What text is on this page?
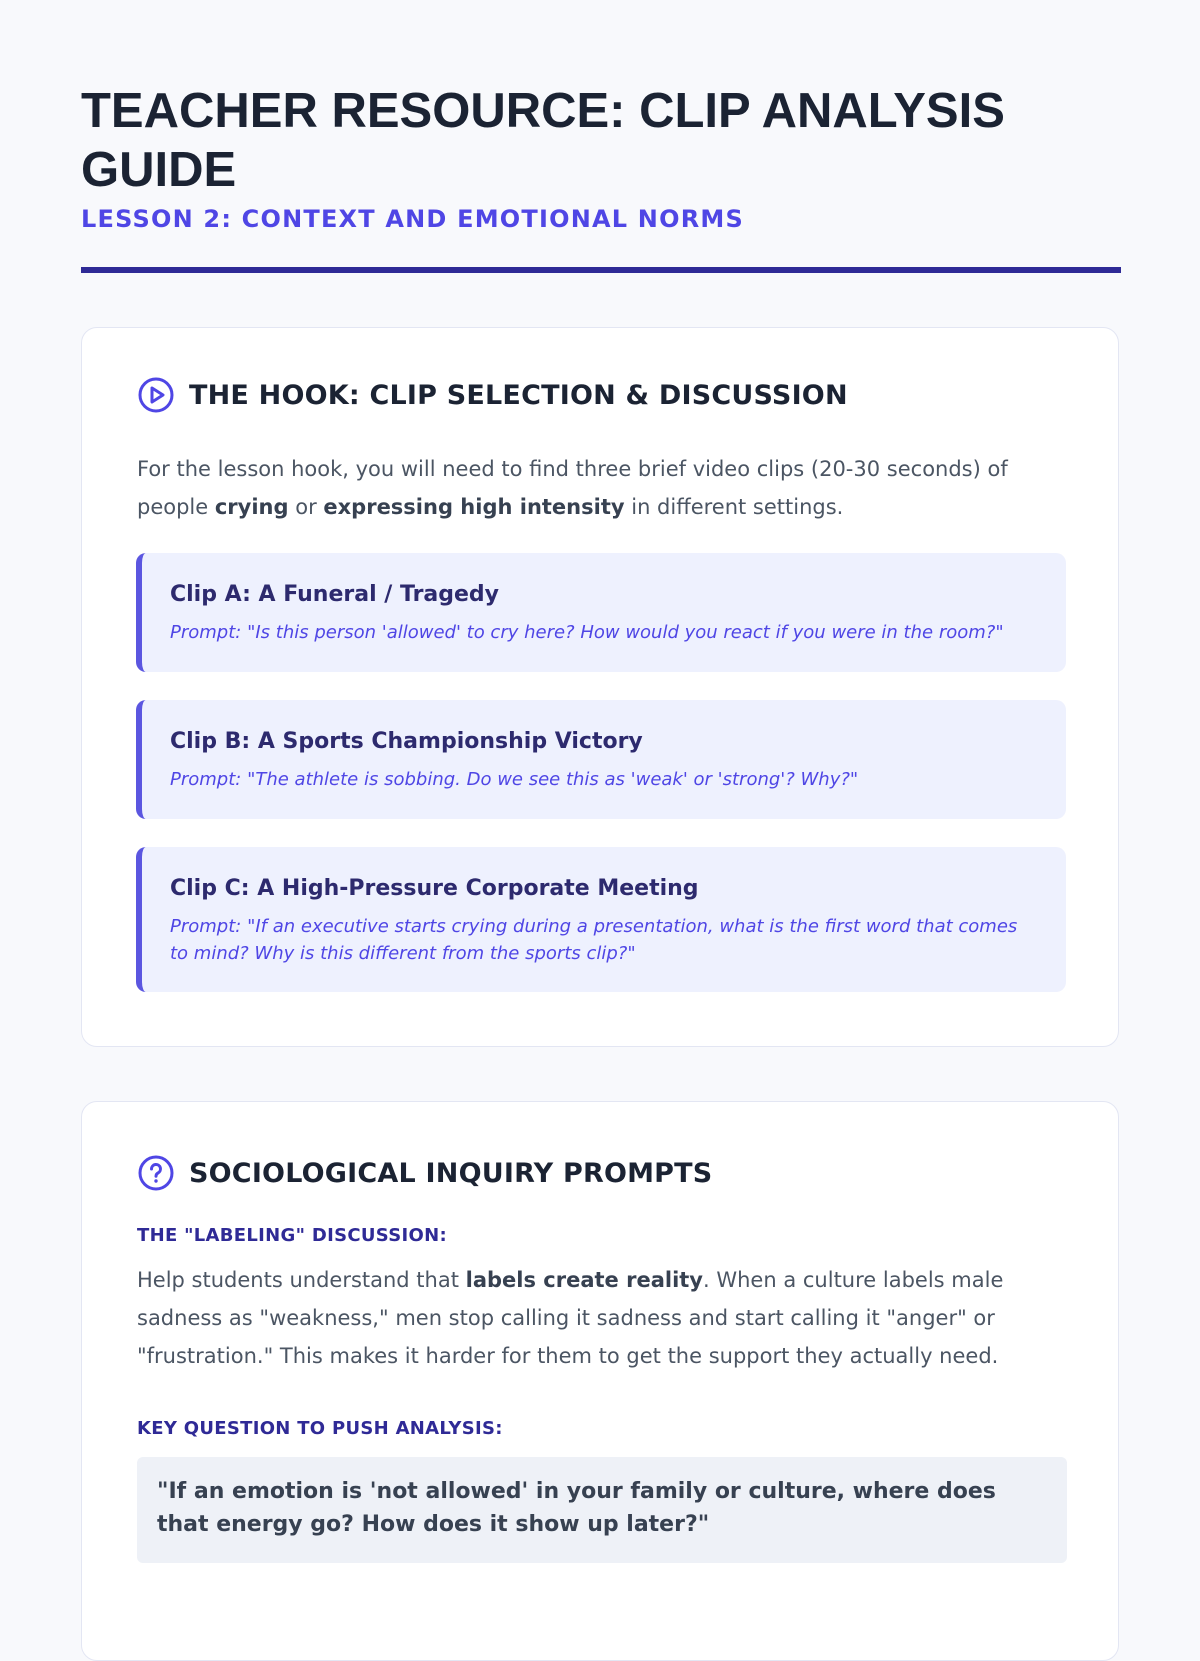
TEACHER RESOURCE: CLIP ANALYSIS GUIDE
LESSON 2: CONTEXT AND EMOTIONAL NORMS
THE HOOK: CLIP SELECTION & DISCUSSION
For the lesson hook, you will need to find three brief video clips (20-30 seconds) of people crying or expressing high intensity in different settings.
Clip A: A Funeral / Tragedy
Prompt: "Is this person 'allowed' to cry here? How would you react if you were in the room?"
Clip B: A Sports Championship Victory
Prompt: "The athlete is sobbing. Do we see this as 'weak' or 'strong'? Why?"
Clip C: A High-Pressure Corporate Meeting
Prompt: "If an executive starts crying during a presentation, what is the first word that comes to mind? Why is this different from the sports clip?"
SOCIOLOGICAL INQUIRY PROMPTS
THE "LABELING" DISCUSSION:
Help students understand that labels create reality. When a culture labels male sadness as "weakness," men stop calling it sadness and start calling it "anger" or "frustration." This makes it harder for them to get the support they actually need.
KEY QUESTION TO PUSH ANALYSIS:
"If an emotion is 'not allowed' in your family or culture, where does that energy go? How does it show up later?"
